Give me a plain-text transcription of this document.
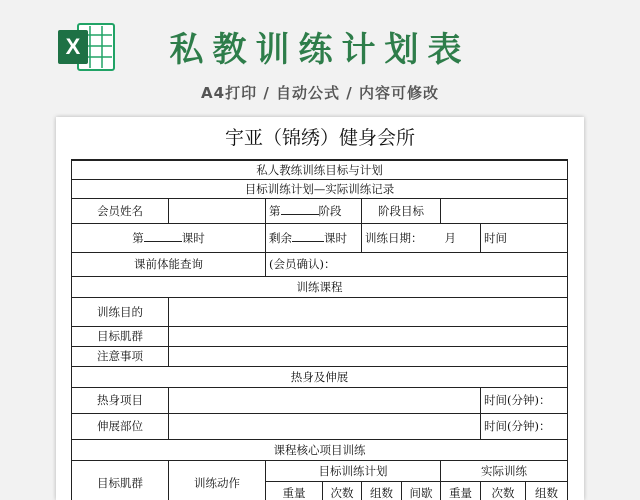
X	私教训练计划表
A4打印 / 自动公式 / 内容可修改
宇亚（锦绣）健身会所
私人教练训练目标与计划								
目标训练计划—实际训练记录								
会员姓名		第 阶段		阶段目标				
第 课时		剩余 课时		训练日期： 月			时间	
课前体能查询		(会员确认)：						
训练课程								
训练目的								
目标肌群								
注意事项								
热身及伸展								
热身项目							时间(分钟)：	
伸展部位							时间(分钟)：	
课程核心项目训练								
目标肌群	训练动作	目标训练计划				实际训练		
		重量	次数	组数	间歇	重量	次数	组数
